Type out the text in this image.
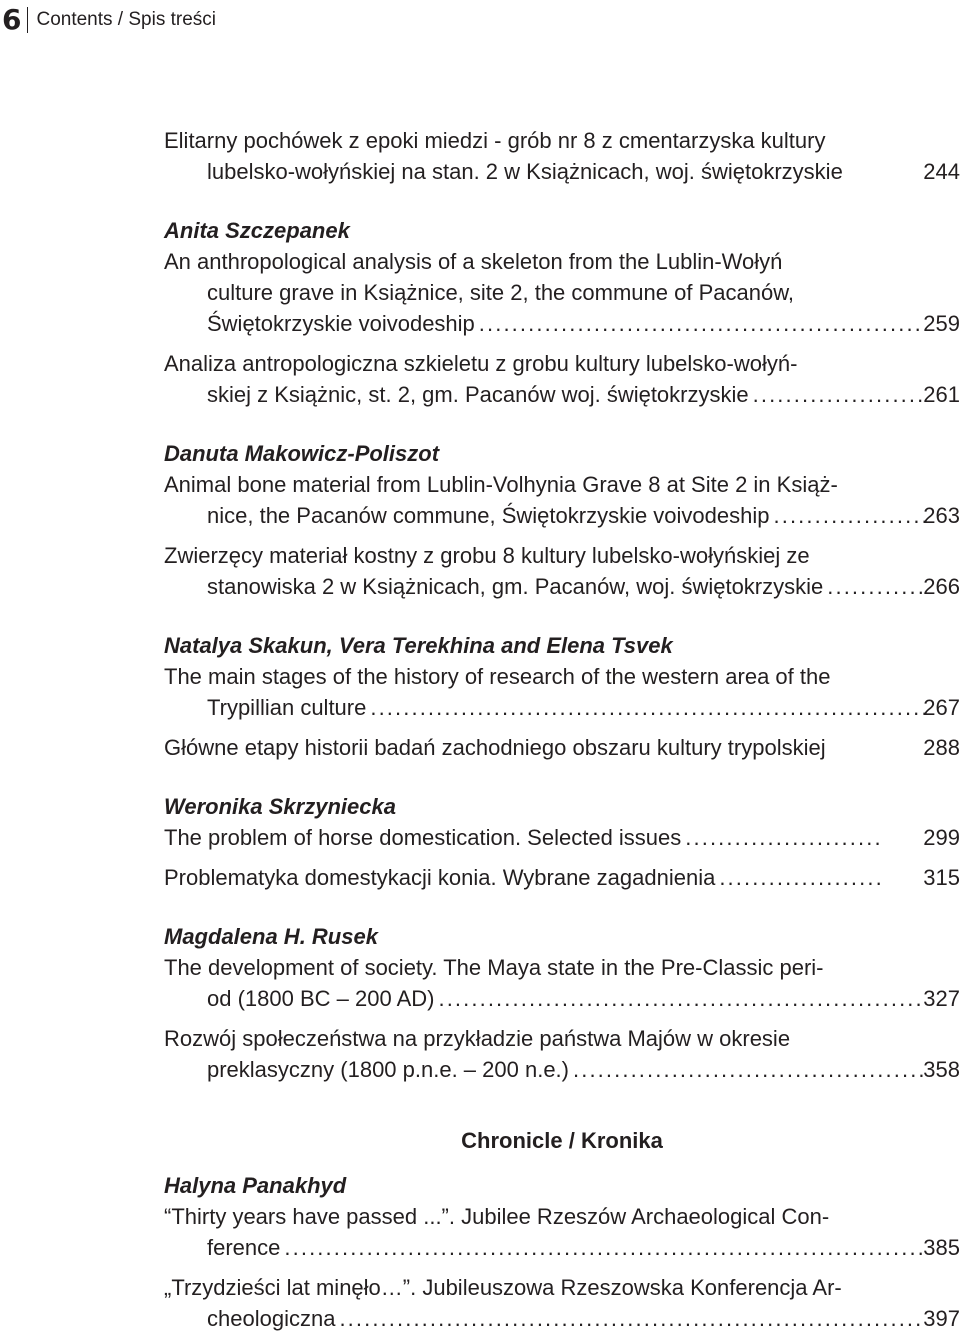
6 Contents / Spis treści
Elitarny pochówek z epoki miedzi - grób nr 8 z cmentarzyska kultury
lubelsko-wołyńskiej na stan. 2 w Książnicach, woj. świętokrzyskie	244
Anita Szczepanek
An anthropological analysis of a skeleton from the Lublin-Wołyń
culture grave in Książnice, site 2, the commune of Pacanów,
Świętokrzyskie voivodeship . . .	259
Analiza antropologiczna szkieletu z grobu kultury lubelsko-wołyń-
skiej z Książnic, st. 2, gm. Pacanów woj. świętokrzyskie . . .	261
Danuta Makowicz-Poliszot
Animal bone material from Lublin-Volhynia Grave 8 at Site 2 in Książ-
nice, the Pacanów commune, Świętokrzyskie voivodeship . . .	263
Zwierzęcy materiał kostny z grobu 8 kultury lubelsko-wołyńskiej ze
stanowiska 2 w Książnicach, gm. Pacanów, woj. świętokrzyskie . . .	266
Natalya Skakun, Vera Terekhina and Elena Tsvek
The main stages of the history of research of the western area of the
Trypillian culture . . .	267
Główne etapy historii badań zachodniego obszaru kultury trypolskiej	288
Weronika Skrzyniecka
The problem of horse domestication. Selected issues . . .	299
Problematyka domestykacji konia. Wybrane zagadnienia . . .	315
Magdalena H. Rusek
The development of society. The Maya state in the Pre-Classic peri-
od (1800 BC – 200 AD) . . .	327
Rozwój społeczeństwa na przykładzie państwa Majów w okresie
preklasyczny (1800 p.n.e. – 200 n.e.) . . .	358
Chronicle / Kronika
Halyna Panakhyd
“Thirty years have passed ...”. Jubilee Rzeszów Archaeological Con-
ference . . .	385
„Trzydzieści lat minęło…”. Jubileuszowa Rzeszowska Konferencja Ar-
cheologiczna . . .	397
